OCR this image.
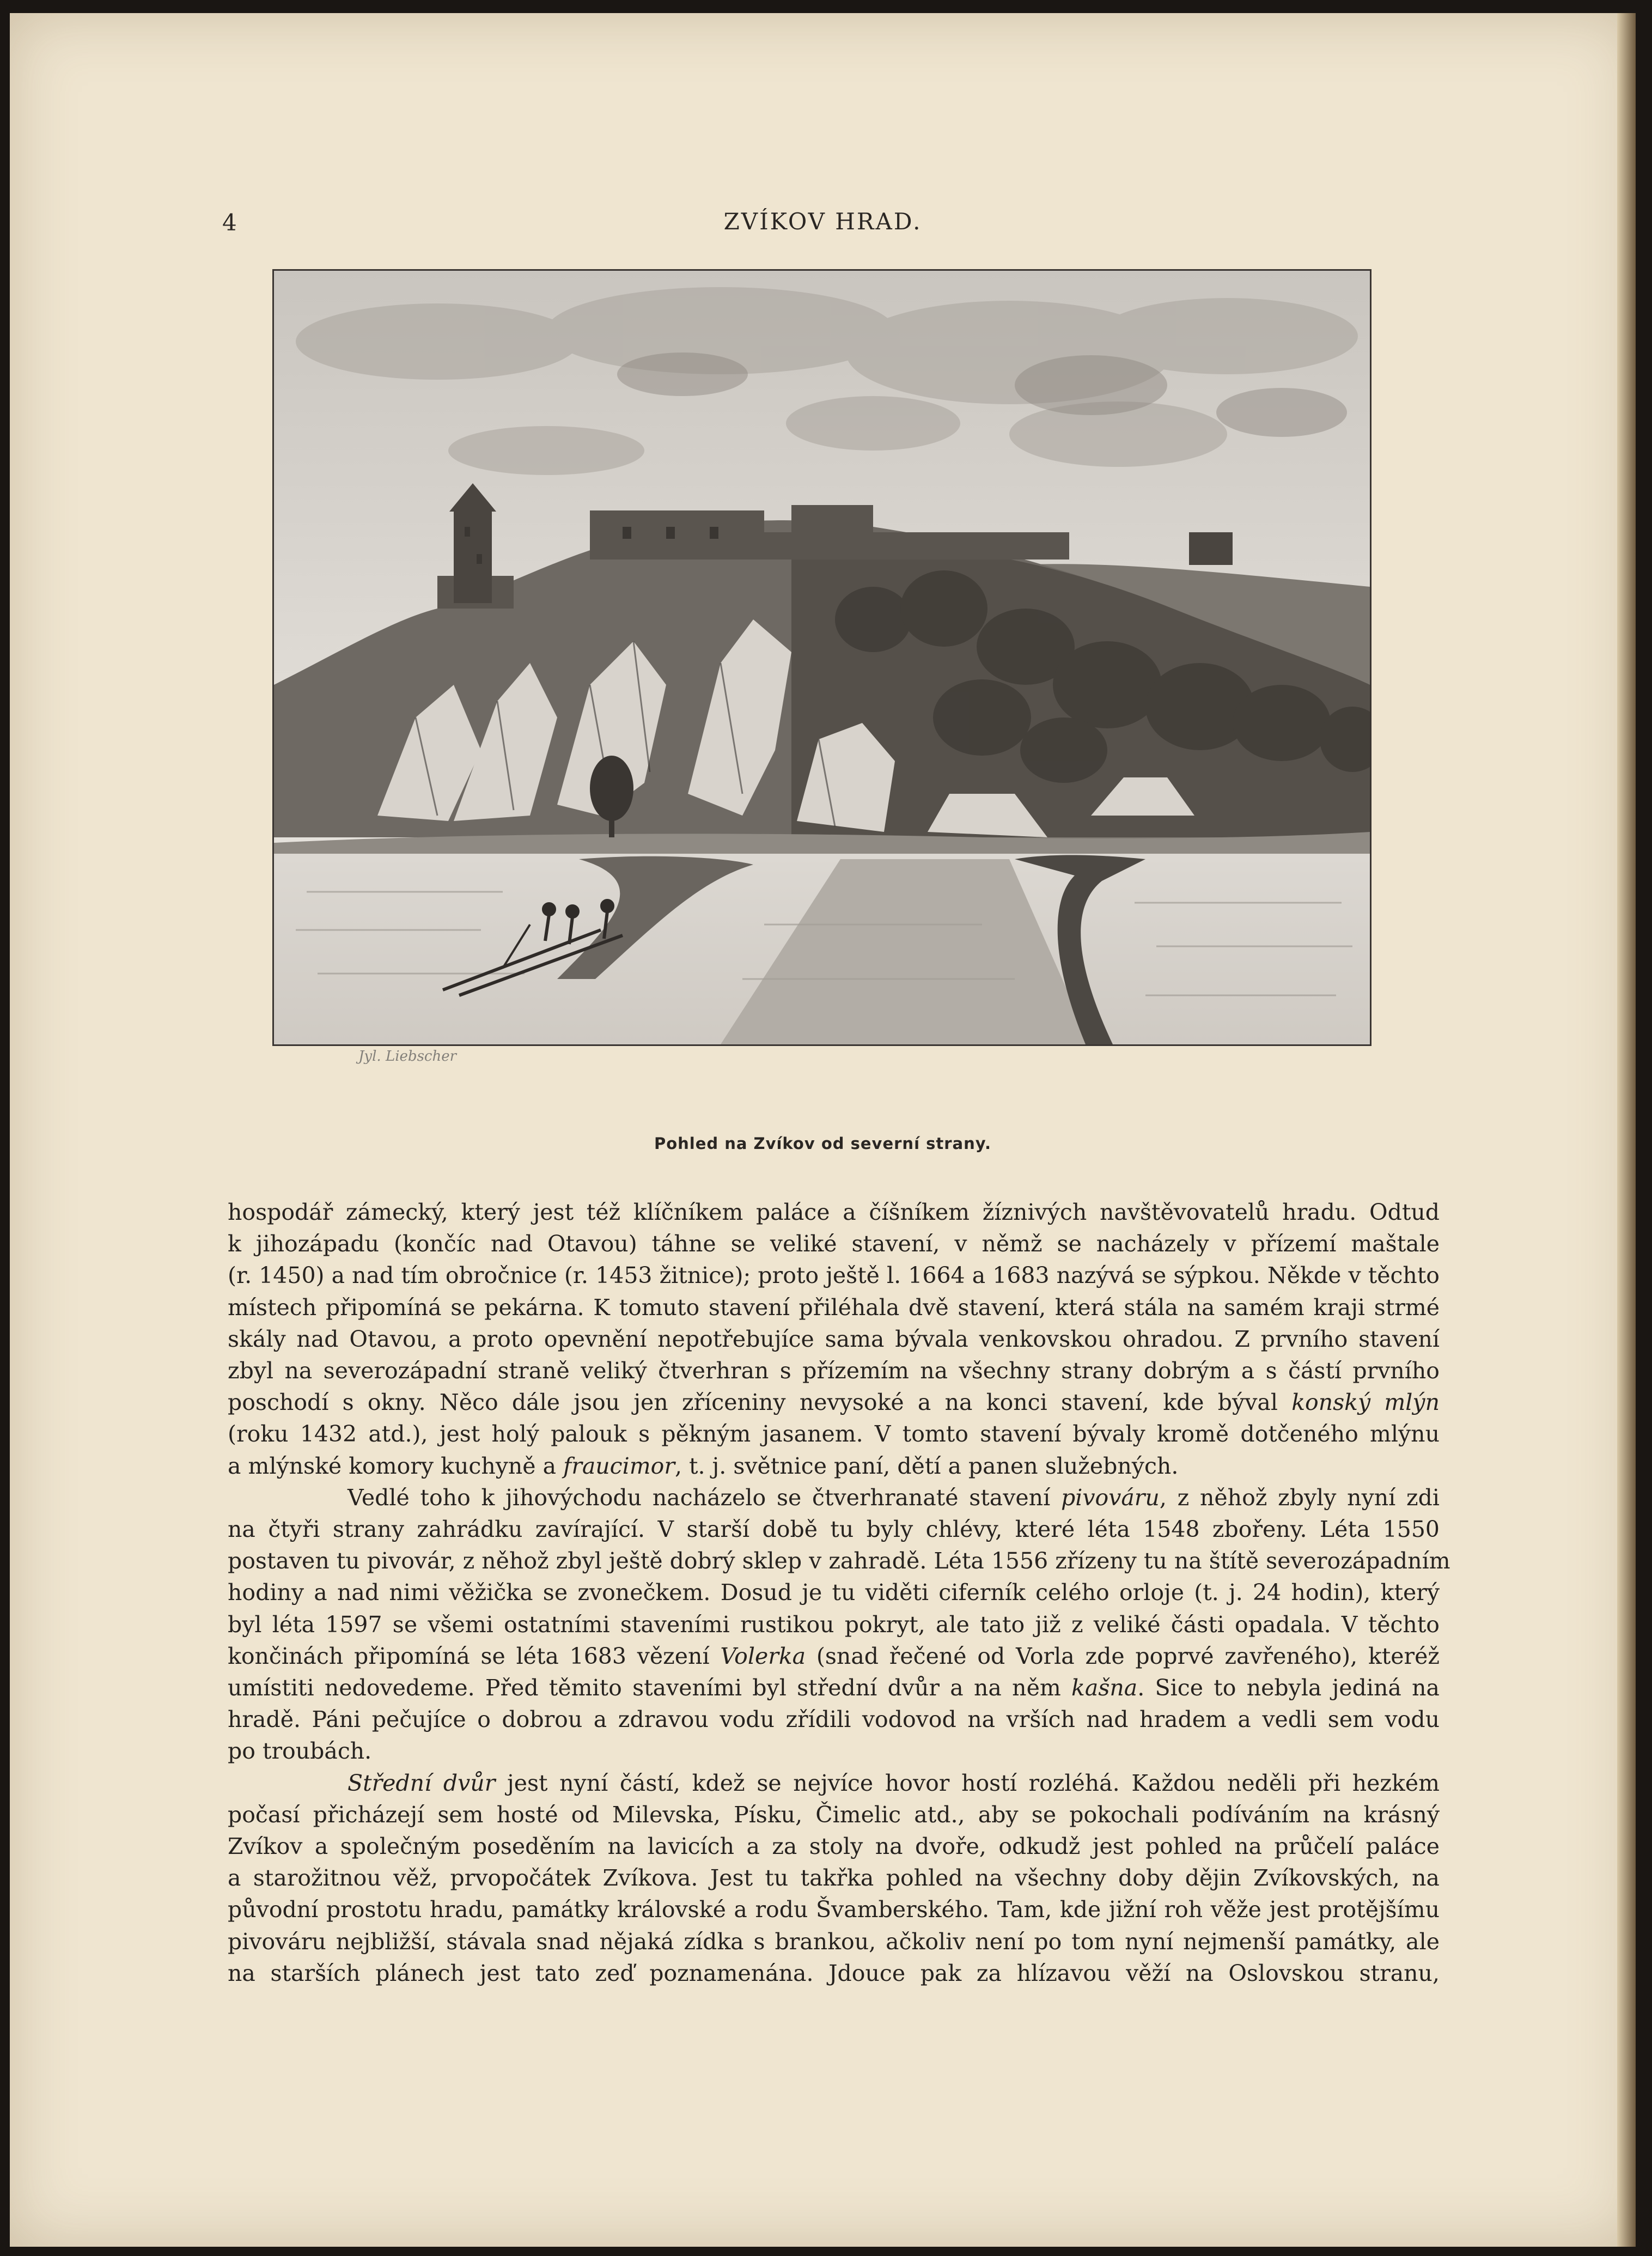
4	ZVÍKOV HRAD.
Jyl. Liebscher
Pohled na Zvíkov od severní strany.
hospodář zámecký, který jest též klíčníkem paláce a číšníkem žíznivých navštěvovatelů hradu. Odtud
k jihozápadu (končíc nad Otavou) táhne se veliké stavení, v němž se nacházely v přízemí maštale
(r. 1450) a nad tím obročnice (r. 1453 žitnice); proto ještě l. 1664 a 1683 nazývá se sýpkou. Někde v těchto
místech připomíná se pekárna. K tomuto stavení přiléhala dvě stavení, která stála na samém kraji strmé
skály nad Otavou, a proto opevnění nepotřebujíce sama bývala venkovskou ohradou. Z prvního stavení
zbyl na severozápadní straně veliký čtverhran s přízemím na všechny strany dobrým a s částí prvního
poschodí s okny. Něco dále jsou jen zříceniny nevysoké a na konci stavení, kde býval konský mlýn
(roku 1432 atd.), jest holý palouk s pěkným jasanem. V tomto stavení bývaly kromě dotčeného mlýnu
a mlýnské komory kuchyně a fraucimor, t. j. světnice paní, dětí a panen služebných.
Vedlé toho k jihovýchodu nacházelo se čtverhranaté stavení pivováru, z něhož zbyly nyní zdi
na čtyři strany zahrádku zavírající. V starší době tu byly chlévy, které léta 1548 zbořeny. Léta 1550
postaven tu pivovár, z něhož zbyl ještě dobrý sklep v zahradě. Léta 1556 zřízeny tu na štítě severozápadním
hodiny a nad nimi věžička se zvonečkem. Dosud je tu viděti ciferník celého orloje (t. j. 24 hodin), který
byl léta 1597 se všemi ostatními staveními rustikou pokryt, ale tato již z veliké části opadala. V těchto
končinách připomíná se léta 1683 vězení Volerka (snad řečené od Vorla zde poprvé zavřeného), kteréž
umístiti nedovedeme. Před těmito staveními byl střední dvůr a na něm kašna. Sice to nebyla jediná na
hradě. Páni pečujíce o dobrou a zdravou vodu zřídili vodovod na vrších nad hradem a vedli sem vodu
po troubách.
Střední dvůr jest nyní částí, kdež se nejvíce hovor hostí rozléhá. Každou neděli při hezkém
počasí přicházejí sem hosté od Milevska, Písku, Čimelic atd., aby se pokochali podíváním na krásný
Zvíkov a společným poseděním na lavicích a za stoly na dvoře, odkudž jest pohled na průčelí paláce
a starožitnou věž, prvopočátek Zvíkova. Jest tu takřka pohled na všechny doby dějin Zvíkovských, na
původní prostotu hradu, památky královské a rodu Švamberského. Tam, kde jižní roh věže jest protějšímu
pivováru nejbližší, stávala snad nějaká zídka s brankou, ačkoliv není po tom nyní nejmenší památky, ale
na starších plánech jest tato zeď poznamenána. Jdouce pak za hlízavou věží na Oslovskou stranu,
